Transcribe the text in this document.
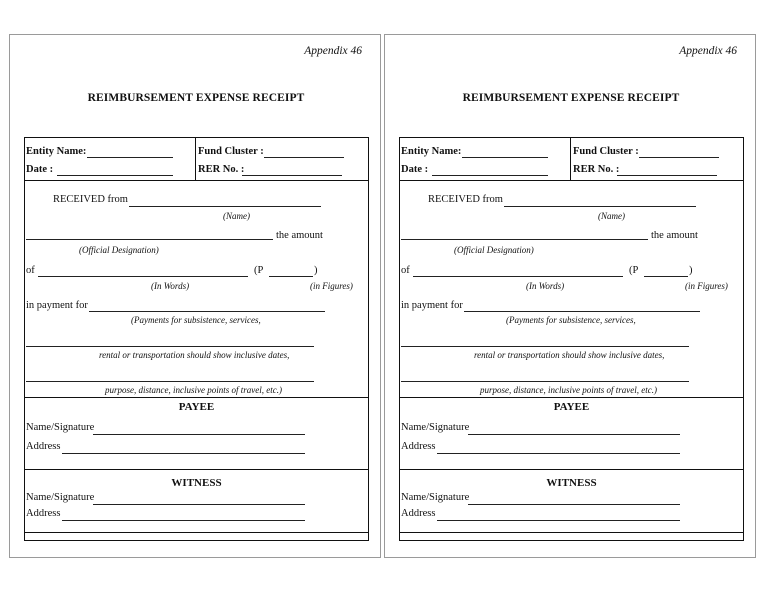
Appendix 46
REIMBURSEMENT EXPENSE RECEIPT
Entity Name:	Fund Cluster :
Date :	RER No. :
RECEIVED from
(Name)
the amount
(Official Designation)
of	(P	)
(In Words)	(in Figures)
in payment for
(Payments for subsistence, services,
rental or transportation should show inclusive dates,
purpose, distance, inclusive points of travel, etc.)
PAYEE
Name/Signature
Address
WITNESS
Name/Signature
Address
Appendix 46
REIMBURSEMENT EXPENSE RECEIPT
Entity Name:	Fund Cluster :
Date :	RER No. :
RECEIVED from
(Name)
the amount
(Official Designation)
of	(P	)
(In Words)	(in Figures)
in payment for
(Payments for subsistence, services,
rental or transportation should show inclusive dates,
purpose, distance, inclusive points of travel, etc.)
PAYEE
Name/Signature
Address
WITNESS
Name/Signature
Address
